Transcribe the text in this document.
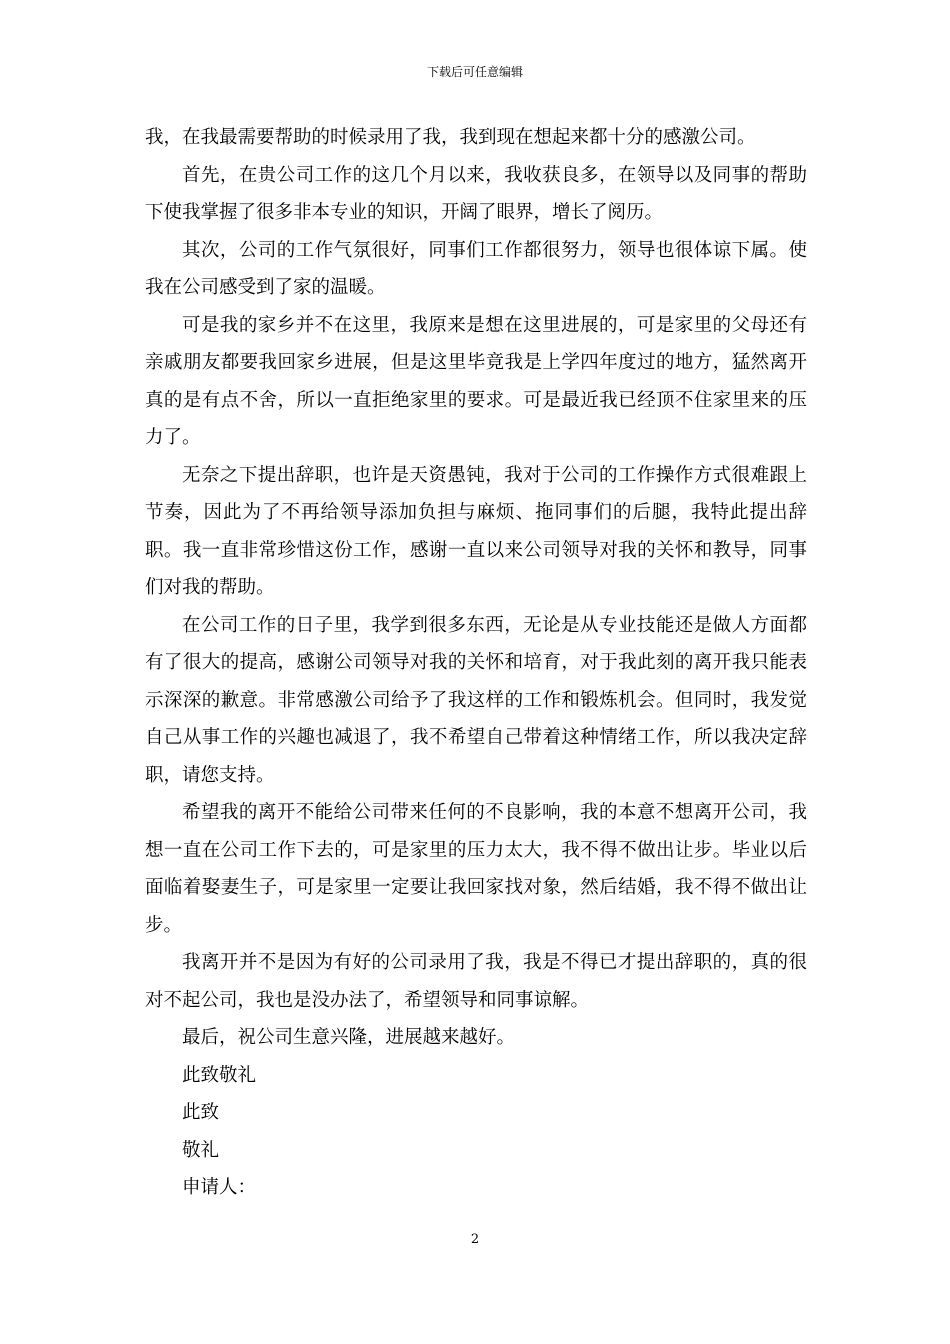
下载后可任意编辑

我，在我最需要帮助的时候录用了我，我到现在想起来都十分的感激公司。

首先，在贵公司工作的这几个月以来，我收获良多，在领导以及同事的帮助下使我掌握了很多非本专业的知识，开阔了眼界，增长了阅历。

其次，公司的工作气氛很好，同事们工作都很努力，领导也很体谅下属。使我在公司感受到了家的温暖。

可是我的家乡并不在这里，我原来是想在这里进展的，可是家里的父母还有亲戚朋友都要我回家乡进展，但是这里毕竟我是上学四年度过的地方，猛然离开真的是有点不舍，所以一直拒绝家里的要求。可是最近我已经顶不住家里来的压力了。

无奈之下提出辞职，也许是天资愚钝，我对于公司的工作操作方式很难跟上节奏，因此为了不再给领导添加负担与麻烦、拖同事们的后腿，我特此提出辞职。我一直非常珍惜这份工作，感谢一直以来公司领导对我的关怀和教导，同事们对我的帮助。

在公司工作的日子里，我学到很多东西，无论是从专业技能还是做人方面都有了很大的提高，感谢公司领导对我的关怀和培育，对于我此刻的离开我只能表示深深的歉意。非常感激公司给予了我这样的工作和锻炼机会。但同时，我发觉自己从事工作的兴趣也减退了，我不希望自己带着这种情绪工作，所以我决定辞职，请您支持。

希望我的离开不能给公司带来任何的不良影响，我的本意不想离开公司，我想一直在公司工作下去的，可是家里的压力太大，我不得不做出让步。毕业以后面临着娶妻生子，可是家里一定要让我回家找对象，然后结婚，我不得不做出让步。

我离开并不是因为有好的公司录用了我，我是不得已才提出辞职的，真的很对不起公司，我也是没办法了，希望领导和同事谅解。

最后，祝公司生意兴隆，进展越来越好。

此致敬礼

此致

敬礼

申请人：

2
